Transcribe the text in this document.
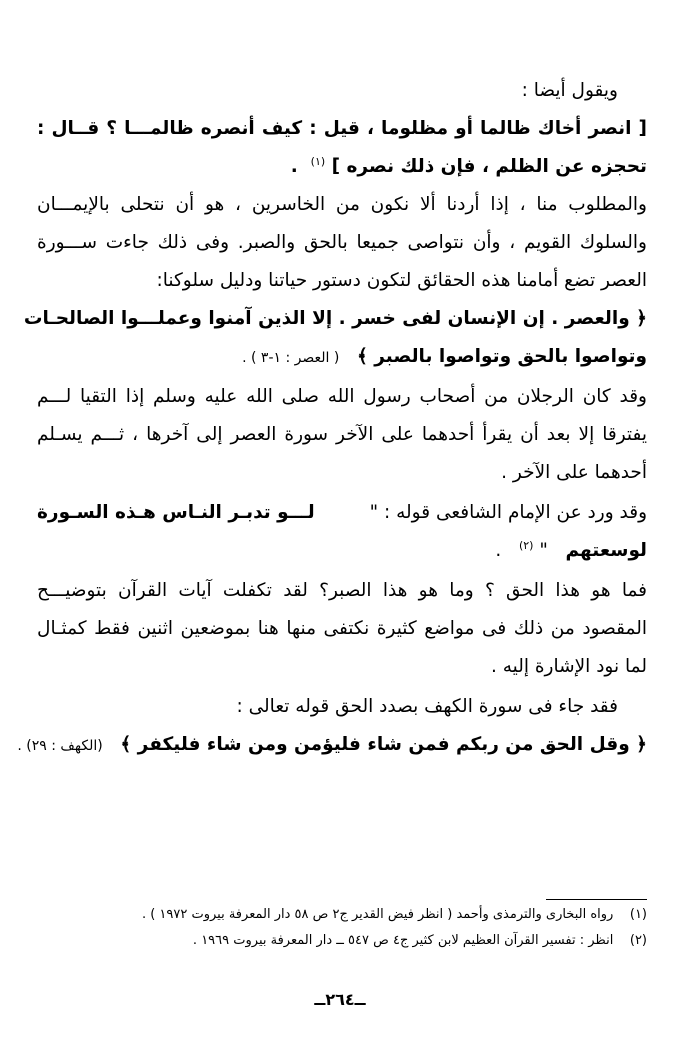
ويقول أيضا :
[ انصر أخاك ظالما أو مظلوما ، قيل : كيف أنصره ظالمـــا ؟ قــال :
تحجزه عن الظلم ، فإن ذلك نصره ] $^{(١)}$  .
والمطلوب منا ، إذا أردنا ألا نكون من الخاسرين ، هو أن نتحلى بالإيمـــان
والسلوك القويم ، وأن نتواصى جميعا بالحق والصبر. وفى ذلك جاءت ســـورة
العصر تضع أمامنا هذه الحقائق لتكون دستور حياتنا ودليل سلوكنا:
﴿ والعصر . إن الإنسان لفى خسر . إلا الذين آمنوا وعملـــوا الصالحـات
وتواصوا بالحق وتواصوا بالصبر ﴾   ( العصر : ١-٣ ) .
وقد كان الرجلان من أصحاب رسول الله صلى الله عليه وسلم إذا التقيا لـــم
يفترقا إلا بعد أن يقرأ أحدهما على الآخر سورة العصر إلى آخرها ، ثـــم يسـلم
أحدهما على الآخر .
وقد ورد عن الإمام الشافعى قوله : "
لـــو تدبـر النـاس هـذه السـورة
لوسعتهم   " $^{(٢)}$   .
فما هو هذا الحق ؟ وما هو هذا الصبر؟ لقد تكفلت آيات القرآن بتوضيـــح
المقصود من ذلك فى مواضع كثيرة نكتفى منها هنا بموضعين اثنين فقط كمثـال
لما نود الإشارة إليه .
فقد جاء فى سورة الكهف بصدد الحق قوله تعالى :
﴿ وقل الحق من ربكم فمن شاء فليؤمن ومن شاء فليكفر ﴾   (الكهف : ٢٩) .
(١)    رواه البخارى والترمذى وأحمد ( انظر فيض القدير ج٢ ص ٥٨ دار المعرفة بيروت ١٩٧٢ ) .
(٢)    انظر : تفسير القرآن العظيم لابن كثير ج٤ ص ٥٤٧ ــ دار المعرفة بيروت ١٩٦٩ .
ــ٢٦٤ــ
